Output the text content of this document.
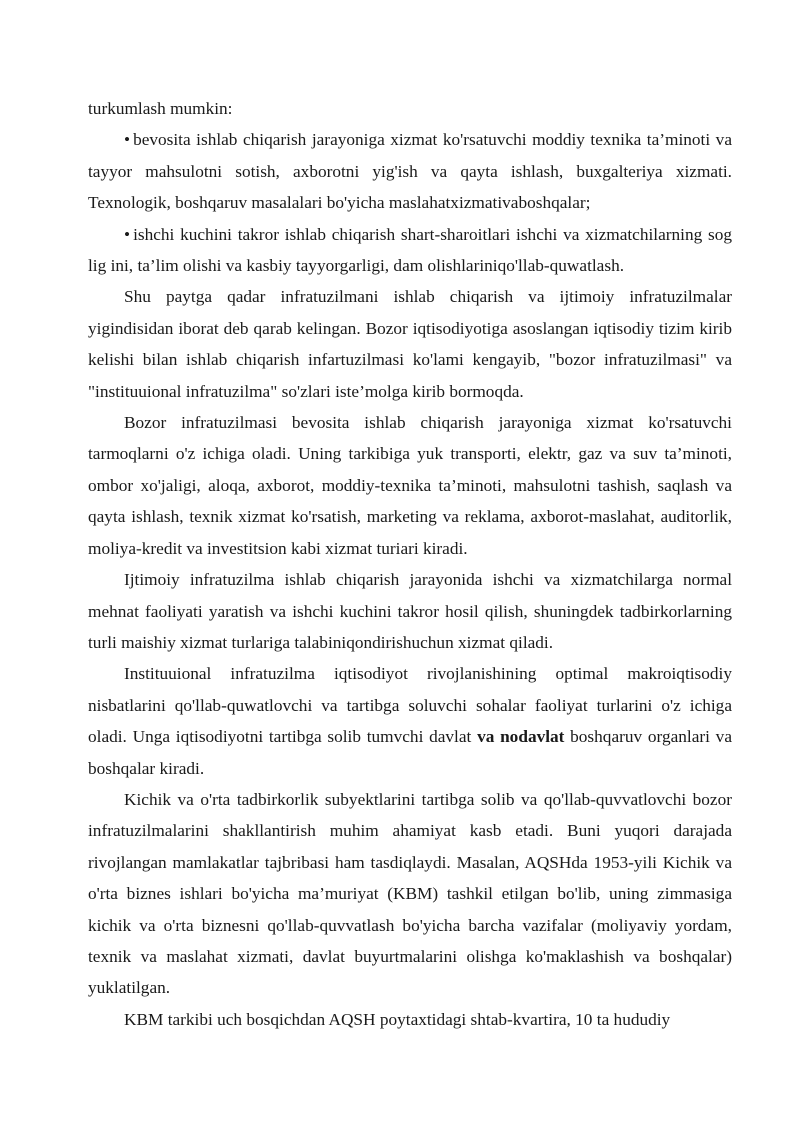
turkumlash mumkin:

• bevosita ishlab chiqarish jarayoniga xizmat ko'rsatuvchi moddiy texnika ta’minoti va tayyor mahsulotni sotish, axborotni yig'ish va qayta ishlash, buxgalteriya xizmati. Texnologik, boshqaruv masalalari bo'yicha maslahatxizmativaboshqalar;

• ishchi kuchini takror ishlab chiqarish shart-sharoitlari ishchi va xizmatchilarning sog lig ini, ta’lim olishi va kasbiy tayyorgarligi, dam olishlariniqo'llab-quwatlash.

Shu paytga qadar infratuzilmani ishlab chiqarish va ijtimoiy infratuzilmalar yigindisidan iborat deb qarab kelingan. Bozor iqtisodiyotiga asoslangan iqtisodiy tizim kirib kelishi bilan ishlab chiqarish infartuzilmasi ko'lami kengayib, "bozor infratuzilmasi" va "instituuional infratuzilma" so'zlari iste’molga kirib bormoqda.

Bozor infratuzilmasi bevosita ishlab chiqarish jarayoniga xizmat ko'rsatuvchi tarmoqlarni o'z ichiga oladi. Uning tarkibiga yuk transporti, elektr, gaz va suv ta’minoti, ombor xo'jaligi, aloqa, axborot, moddiy-texnika ta’minoti, mahsulotni tashish, saqlash va qayta ishlash, texnik xizmat ko'rsatish, marketing va reklama, axborot-maslahat, auditorlik, moliya-kredit va investitsion kabi xizmat turiari kiradi.

Ijtimoiy infratuzilma ishlab chiqarish jarayonida ishchi va xizmatchilarga normal mehnat faoliyati yaratish va ishchi kuchini takror hosil qilish, shuningdek tadbirkorlarning turli maishiy xizmat turlariga talabiniqondirishuchun xizmat qiladi.

Instituuional infratuzilma iqtisodiyot rivojlanishining optimal makroiqtisodiy nisbatlarini qo'llab-quwatlovchi va tartibga soluvchi sohalar faoliyat turlarini o'z ichiga oladi. Unga iqtisodiyotni tartibga solib tumvchi davlat va nodavlat boshqaruv organlari va boshqalar kiradi.

Kichik va o'rta tadbirkorlik subyektlarini tartibga solib va qo'llab-quvvatlovchi bozor infratuzilmalarini shakllantirish muhim ahamiyat kasb etadi. Buni yuqori darajada rivojlangan mamlakatlar tajbribasi ham tasdiqlaydi. Masalan, AQSHda 1953-yili Kichik va o'rta biznes ishlari bo'yicha ma’muriyat (KBM) tashkil etilgan bo'lib, uning zimmasiga kichik va o'rta biznesni qo'llab-quvvatlash bo'yicha barcha vazifalar (moliyaviy yordam, texnik va maslahat xizmati, davlat buyurtmalarini olishga ko'maklashish va boshqalar) yuklatilgan.

KBM tarkibi uch bosqichdan AQSH poytaxtidagi shtab-kvartira, 10 ta hududiy
